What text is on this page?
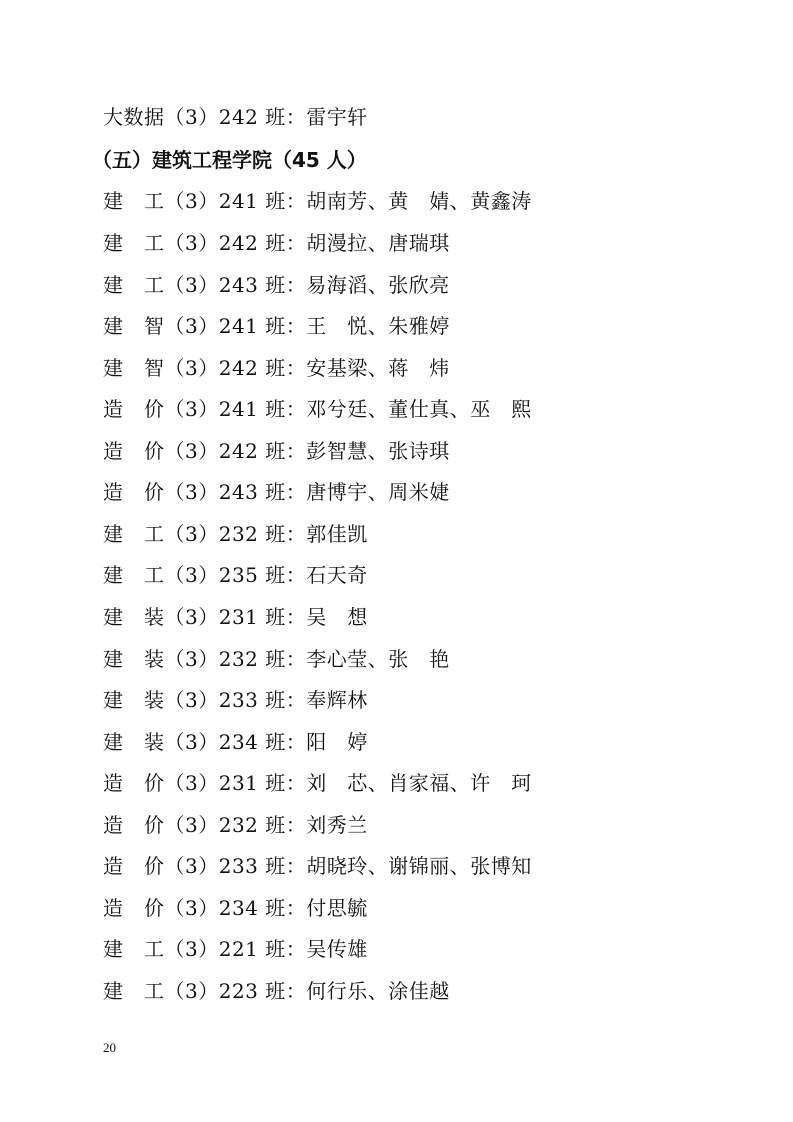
大数据（3）242 班：雷宇轩
（五）建筑工程学院（45 人）
建　工（3）241 班：胡南芳、黄　婧、黄鑫涛
建　工（3）242 班：胡漫拉、唐瑞琪
建　工（3）243 班：易海滔、张欣亮
建　智（3）241 班：王　悦、朱雅婷
建　智（3）242 班：安基梁、蒋　炜
造　价（3）241 班：邓兮廷、董仕真、巫　熙
造　价（3）242 班：彭智慧、张诗琪
造　价（3）243 班：唐博宇、周米婕
建　工（3）232 班：郭佳凯
建　工（3）235 班：石天奇
建　装（3）231 班：吴　想
建　装（3）232 班：李心莹、张　艳
建　装（3）233 班：奉辉林
建　装（3）234 班：阳　婷
造　价（3）231 班：刘　芯、肖家福、许　珂
造　价（3）232 班：刘秀兰
造　价（3）233 班：胡晓玲、谢锦丽、张博知
造　价（3）234 班：付思毓
建　工（3）221 班：吴传雄
建　工（3）223 班：何行乐、涂佳越
20
